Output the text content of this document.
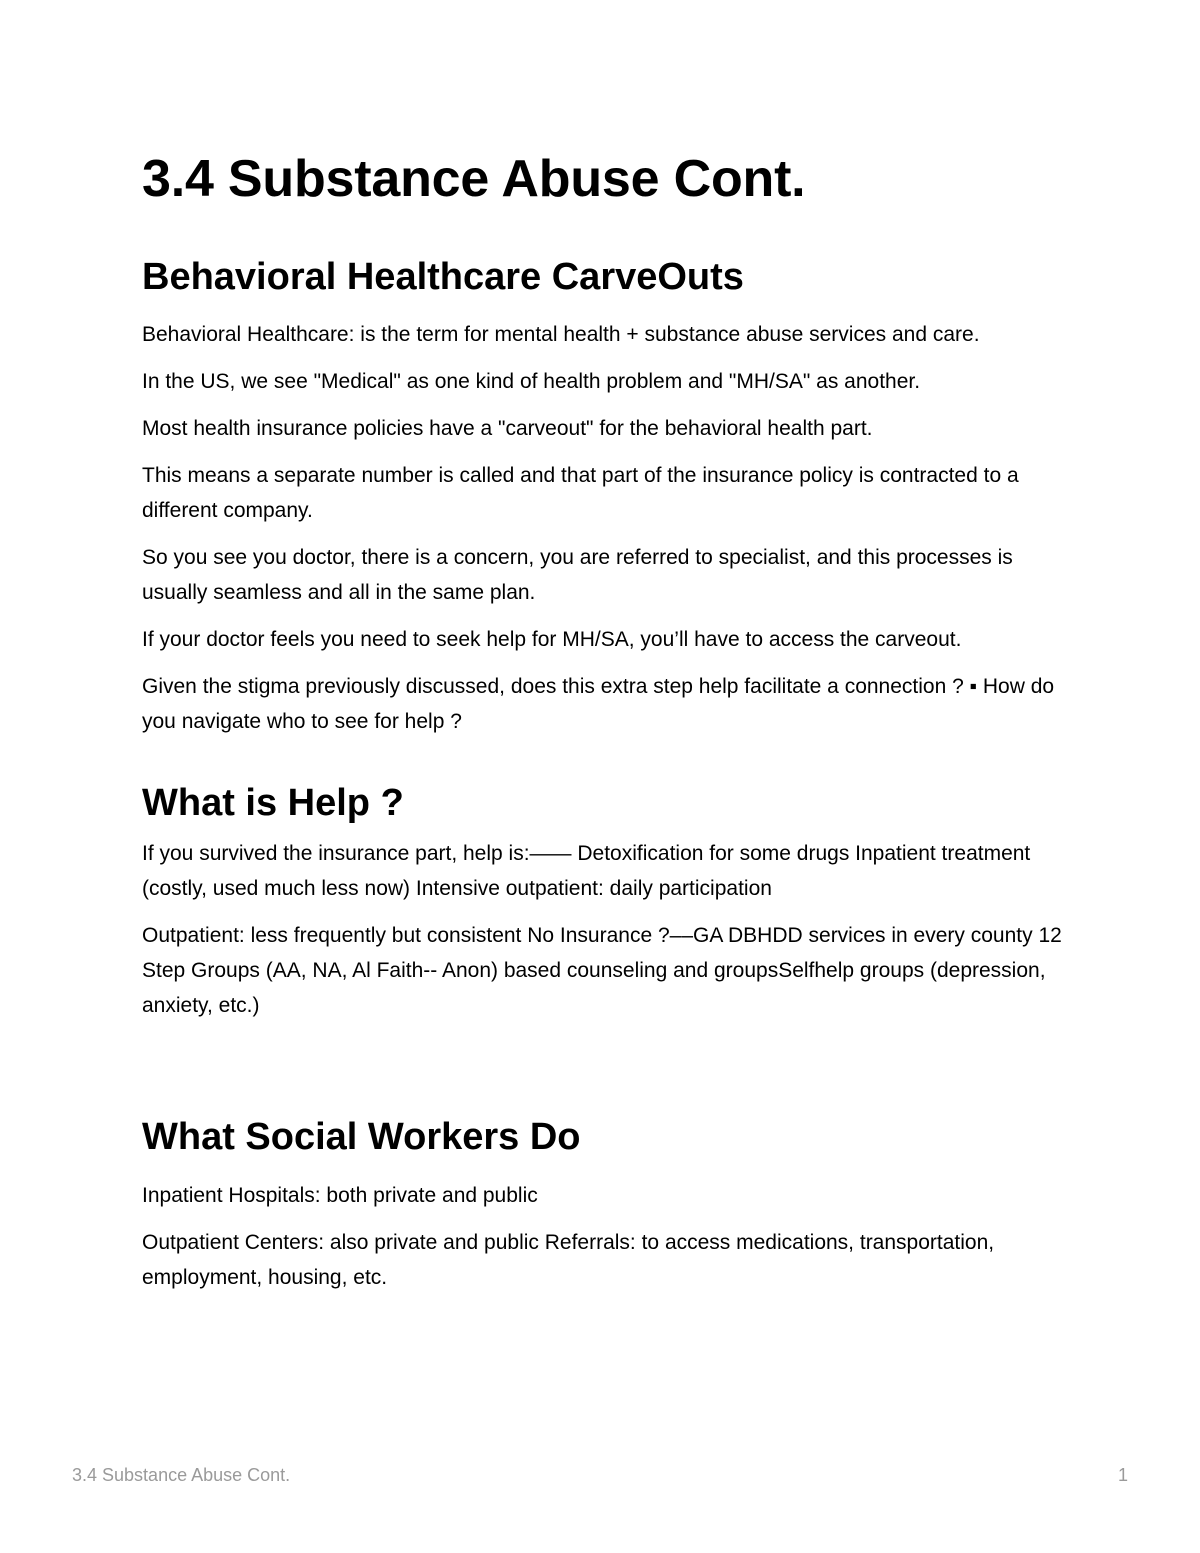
3.4 Substance Abuse Cont.
Behavioral Healthcare CarveOuts

Behavioral Healthcare: is the term for mental health + substance abuse services and care.

In the US, we see "Medical" as one kind of health problem and "MH/SA" as another.

Most health insurance policies have a "carveout" for the behavioral health part.

This means a separate number is called and that part of the insurance policy is contracted to a different company.

So you see you doctor, there is a concern, you are referred to specialist, and this processes is usually seamless and all in the same plan.

If your doctor feels you need to seek help for MH/SA, you’ll have to access the carveout.

Given the stigma previously discussed, does this extra step help facilitate a connection ? ▪ How do you navigate who to see for help ?

What is Help ?

If you survived the insurance part, help is:—— Detoxification for some drugs Inpatient treatment (costly, used much less now) Intensive outpatient: daily participation

Outpatient: less frequently but consistent No Insurance ?––GA DBHDD services in every county 12 Step Groups (AA, NA, Al Faith-- Anon) based counseling and groupsSelfhelp groups (depression, anxiety, etc.)

What Social Workers Do

Inpatient Hospitals: both private and public

Outpatient Centers: also private and public Referrals: to access medications, transportation, employment, housing, etc.

3.4 Substance Abuse Cont.	1
